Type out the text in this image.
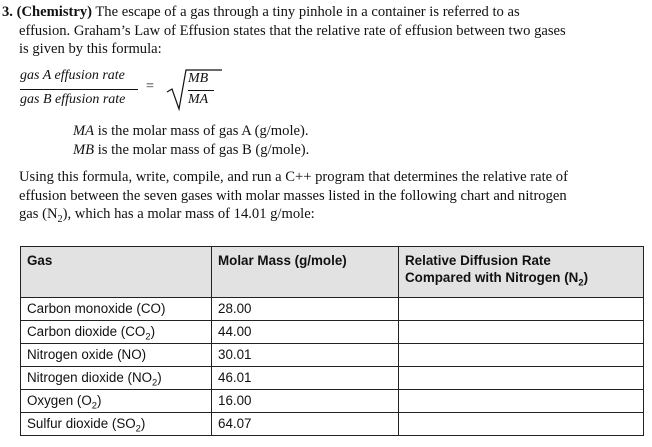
3. (Chemistry) The escape of a gas through a tiny pinhole in a container is referred to as
effusion. Graham’s Law of Effusion states that the relative rate of effusion between two gases
is given by this formula:
gas A effusion rate
gas B effusion rate
=
MB
MA
MA is the molar mass of gas A (g/mole).
MB is the molar mass of gas B (g/mole).
Using this formula, write, compile, and run a C++ program that determines the relative rate of
effusion between the seven gases with molar masses listed in the following chart and nitrogen
gas $(N_2)$, which has a molar mass of 14.01 g/mole:
Gas	Molar Mass (g/mole)	Relative Diffusion Rate
Compared with Nitrogen $(N_2)$

Carbon monoxide (CO)	28.00	
Carbon dioxide $(CO_2)$	44.00	
Nitrogen oxide (NO)	30.01	
Nitrogen dioxide $(NO_2)$	46.01	
Oxygen $(O_2)$	16.00	
Sulfur dioxide $(SO_2)$	64.07	
